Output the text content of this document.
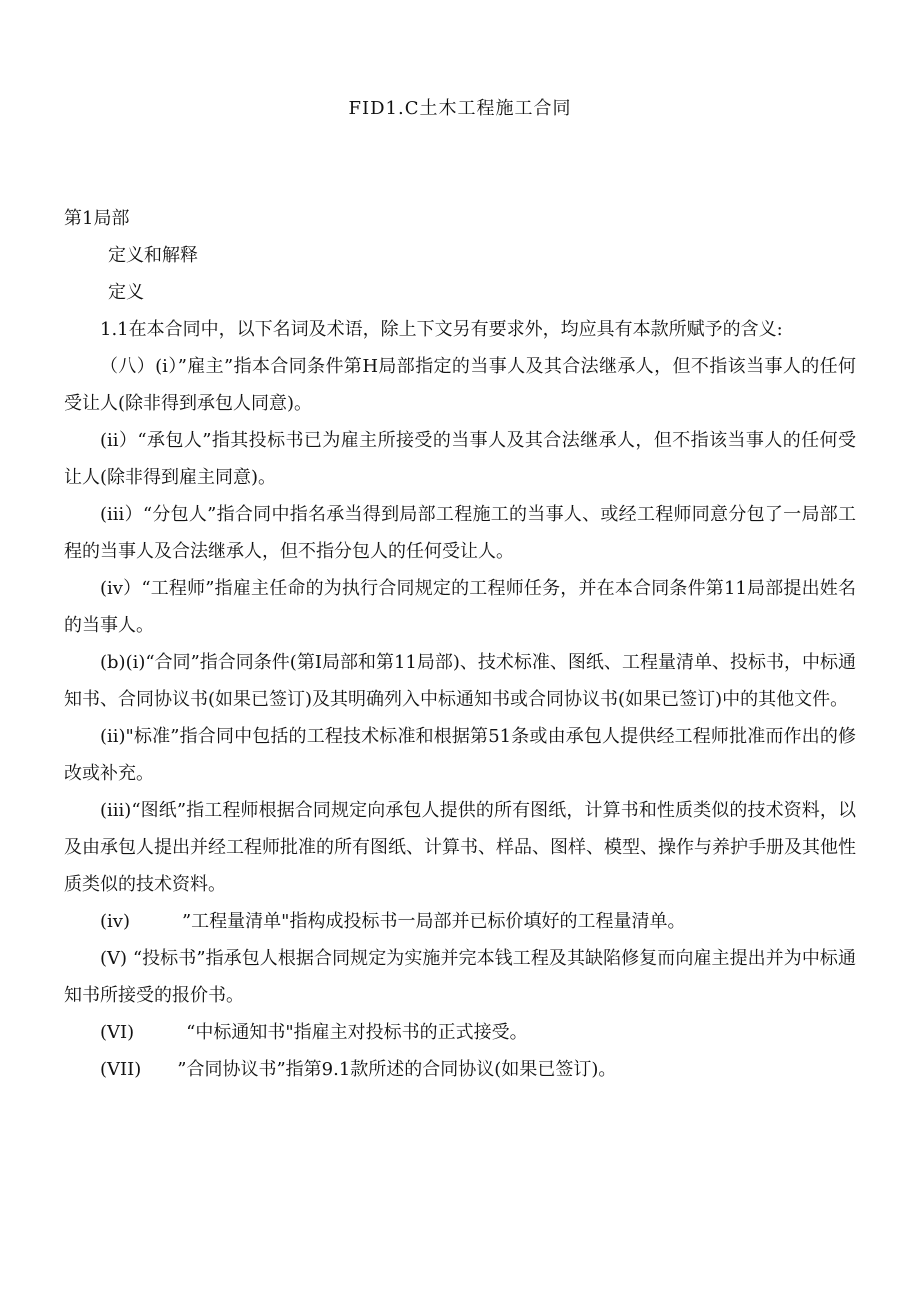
FID1.C土木工程施工合同
第1局部
定义和解释
定义
1.1在本合同中，以下名词及术语，除上下文另有要求外，均应具有本款所赋予的含义:
（八）(i）”雇主”指本合同条件第H局部指定的当事人及其合法继承人，但不指该当事人的任何受让人(除非得到承包人同意)。
(ii）“承包人”指其投标书已为雇主所接受的当事人及其合法继承人，但不指该当事人的任何受让人(除非得到雇主同意)。
(iii）“分包人”指合同中指名承当得到局部工程施工的当事人、或经工程师同意分包了一局部工程的当事人及合法继承人，但不指分包人的任何受让人。
(iv）“工程师”指雇主任命的为执行合同规定的工程师任务，并在本合同条件第11局部提出姓名的当事人。
(b)(i)“合同”指合同条件(第I局部和第11局部)、技术标准、图纸、工程量清单、投标书，中标通知书、合同协议书(如果已签订)及其明确列入中标通知书或合同协议书(如果已签订)中的其他文件。
(ii)"标准”指合同中包括的工程技术标准和根据第51条或由承包人提供经工程师批准而作出的修改或补充。
(iii)“图纸”指工程师根据合同规定向承包人提供的所有图纸，计算书和性质类似的技术资料，以及由承包人提出并经工程师批准的所有图纸、计算书、样品、图样、模型、操作与养护手册及其他性质类似的技术资料。
(iv)	”工程量清单"指构成投标书一局部并已标价填好的工程量清单。
(V) “投标书”指承包人根据合同规定为实施并完本钱工程及其缺陷修复而向雇主提出并为中标通知书所接受的报价书。
(VI)	“中标通知书"指雇主对投标书的正式接受。
(VII) ”合同协议书”指第9.1款所述的合同协议(如果已签订)。
